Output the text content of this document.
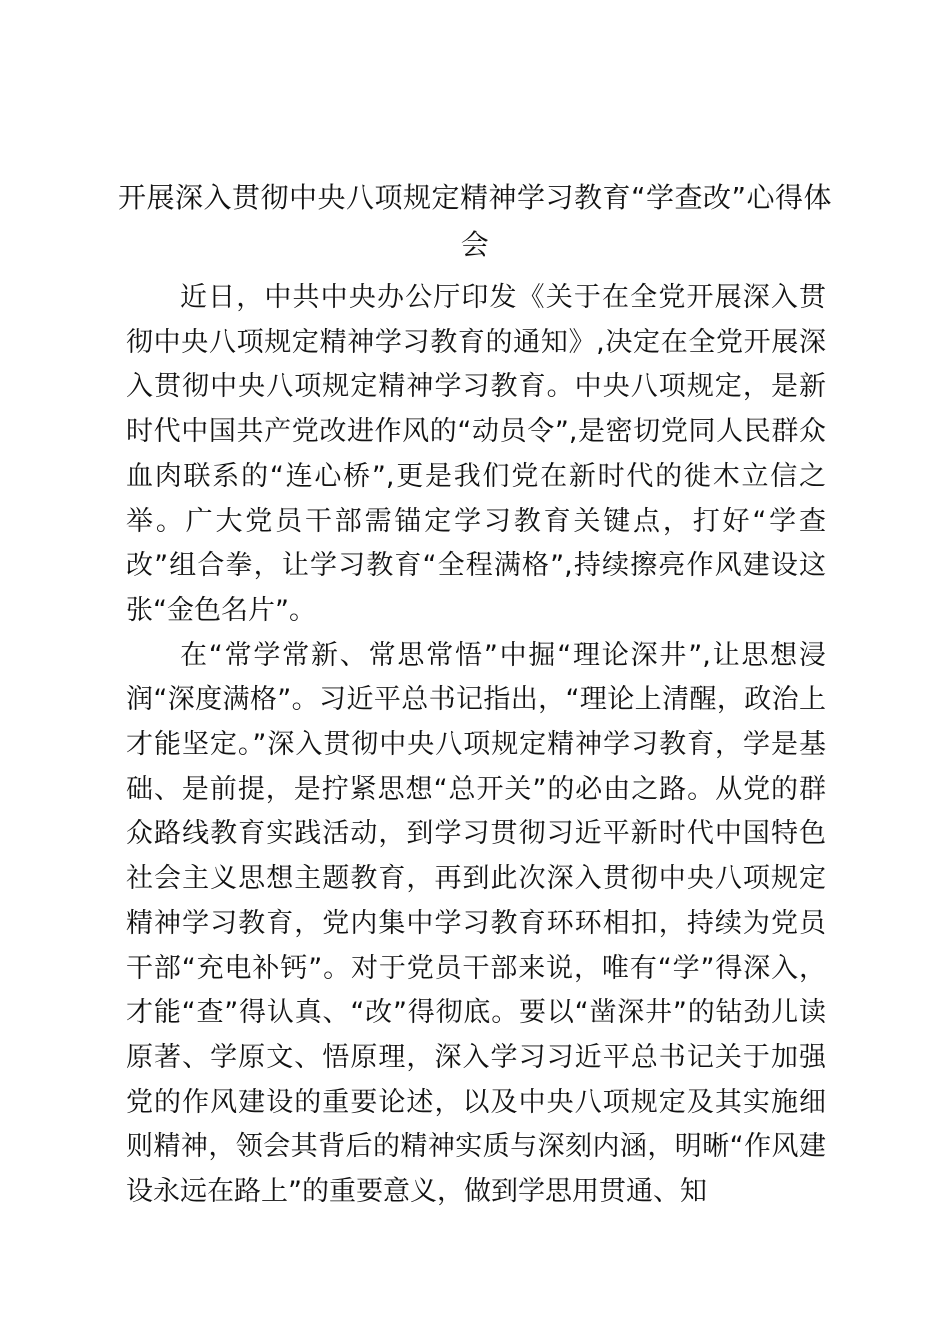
开展深入贯彻中央八项规定精神学习教育“学查改”心得体会

近日，中共中央办公厅印发《关于在全党开展深入贯彻中央八项规定精神学习教育的通知》,决定在全党开展深入贯彻中央八项规定精神学习教育。中央八项规定，是新时代中国共产党改进作风的“动员令”,是密切党同人民群众血肉联系的“连心桥”,更是我们党在新时代的徙木立信之举。广大党员干部需锚定学习教育关键点，打好“学查改”组合拳，让学习教育“全程满格”,持续擦亮作风建设这张“金色名片”。

在“常学常新、常思常悟”中掘“理论深井”,让思想浸润“深度满格”。习近平总书记指出，“理论上清醒，政治上才能坚定。”深入贯彻中央八项规定精神学习教育，学是基础、是前提，是拧紧思想“总开关”的必由之路。从党的群众路线教育实践活动，到学习贯彻习近平新时代中国特色社会主义思想主题教育，再到此次深入贯彻中央八项规定精神学习教育，党内集中学习教育环环相扣，持续为党员干部“充电补钙”。对于党员干部来说，唯有“学”得深入，才能“查”得认真、“改”得彻底。要以“凿深井”的钻劲儿读原著、学原文、悟原理，深入学习习近平总书记关于加强党的作风建设的重要论述，以及中央八项规定及其实施细则精神，领会其背后的精神实质与深刻内涵，明晰“作风建设永远在路上”的重要意义，做到学思用贯通、知
